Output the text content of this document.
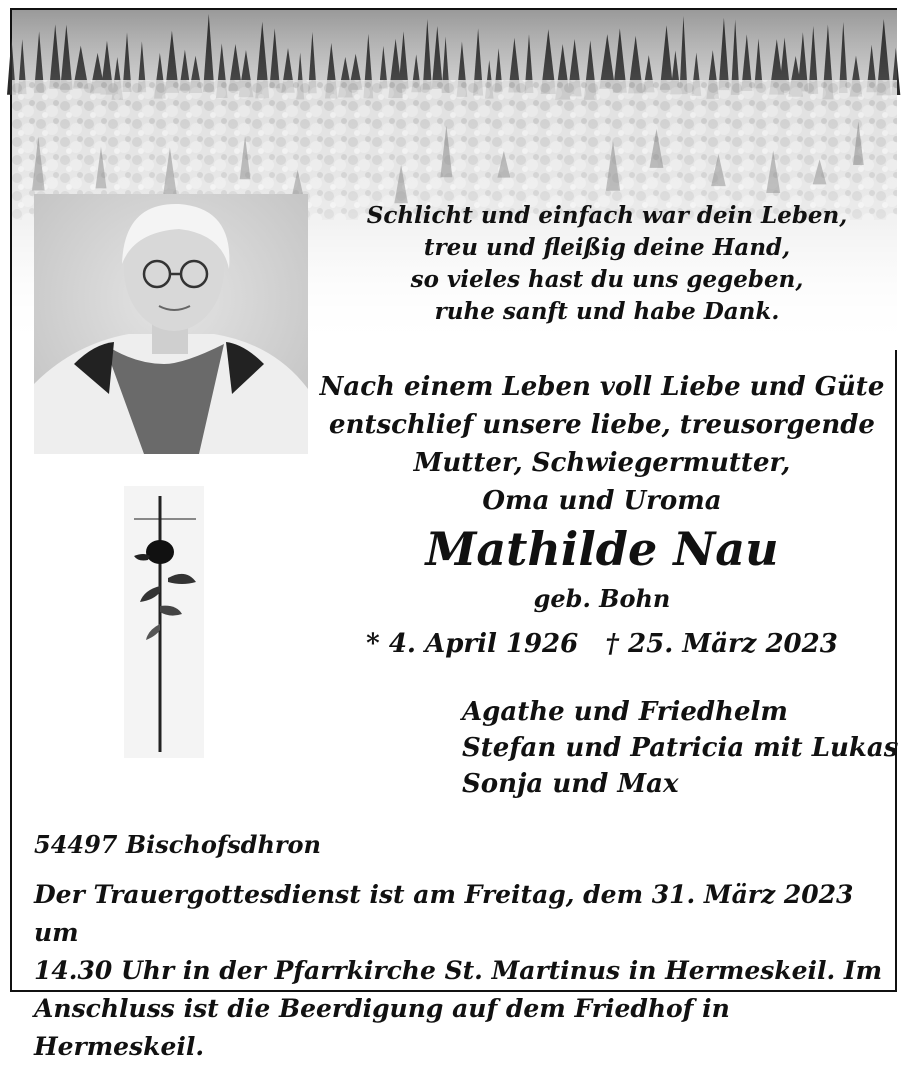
Schlicht und einfach war dein Leben,
treu und fleißig deine Hand,
so vieles hast du uns gegeben,
ruhe sanft und habe Dank.
Nach einem Leben voll Liebe und Güte
entschlief unsere liebe, treusorgende
Mutter, Schwiegermutter,
Oma und Uroma
Mathilde Nau
geb. Bohn
* 4. April 1926   † 25. März 2023
Agathe und Friedhelm
Stefan und Patricia mit Lukas
Sonja und Max
54497 Bischofsdhron
Der Trauergottesdienst ist am Freitag, dem 31. März 2023 um
14.30 Uhr in der Pfarrkirche St. Martinus in Hermeskeil. Im
Anschluss ist die Beerdigung auf dem Friedhof in Hermeskeil.
